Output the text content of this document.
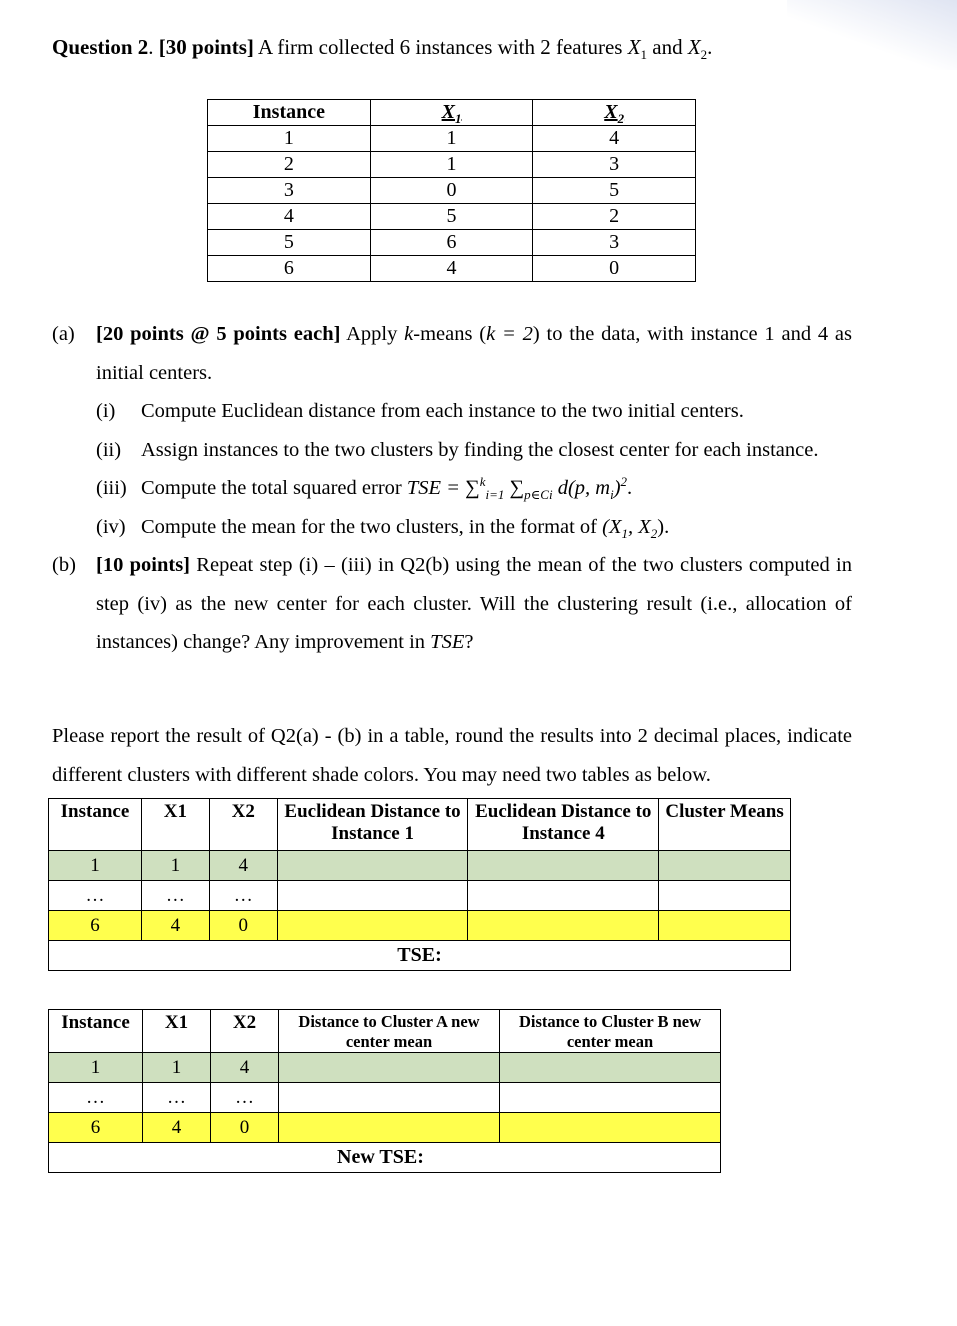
Question 2. [30 points] A firm collected 6 instances with 2 features $X_1$ and $X_2$.
Instance	$X_1$	$X_2$
1	1	4
2	1	3
3	0	5
4	5	2
5	6	3
6	4	0
(a) [20 points @ 5 points each] Apply k-means (k = 2) to the data, with instance 1 and 4 as initial centers.
(i) Compute Euclidean distance from each instance to the two initial centers.
(ii) Assign instances to the two clusters by finding the closest center for each instance.
(iii) Compute the total squared error TSE = ∑$^k_{i=1}$ $\sum_{p\in Ci}$ d(p, $m_i)^2$.
(iv) Compute the mean for the two clusters, in the format of ($X_1$, $X_2$).
(b) [10 points] Repeat step (i) – (iii) in Q2(b) using the mean of the two clusters computed in step (iv) as the new center for each cluster. Will the clustering result (i.e., allocation of instances) change? Any improvement in TSE?
Please report the result of Q2(a) - (b) in a table, round the results into 2 decimal places, indicate different clusters with different shade colors. You may need two tables as below.
Instance	X1	X2	Euclidean Distance to Instance 1	Euclidean Distance to Instance 4	Cluster Means
1	1	4			
…	…	…			
6	4	0			
TSE:					
Instance	X1	X2	Distance to Cluster A new center mean	Distance to Cluster B new center mean
1	1	4		
…	…	…		
6	4	0		
New TSE:				
